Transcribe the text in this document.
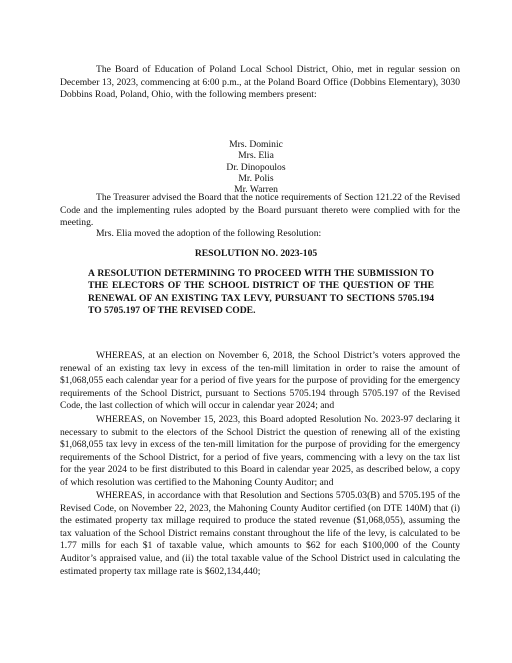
The Board of Education of Poland Local School District, Ohio, met in regular session on December 13, 2023, commencing at 6:00 p.m., at the Poland Board Office (Dobbins Elementary), 3030 Dobbins Road, Poland, Ohio, with the following members present:

Mrs. Dominic
Mrs. Elia
Dr. Dinopoulos
Mr. Polis
Mr. Warren

The Treasurer advised the Board that the notice requirements of Section 121.22 of the Revised Code and the implementing rules adopted by the Board pursuant thereto were complied with for the meeting.

Mrs. Elia moved the adoption of the following Resolution:

RESOLUTION NO. 2023-105
A RESOLUTION DETERMINING TO PROCEED WITH THE SUBMISSION TO THE ELECTORS OF THE SCHOOL DISTRICT OF THE QUESTION OF THE RENEWAL OF AN EXISTING TAX LEVY, PURSUANT TO SECTIONS 5705.194 TO 5705.197 OF THE REVISED CODE.

WHEREAS, at an election on November 6, 2018, the School District’s voters approved the renewal of an existing tax levy in excess of the ten-mill limitation in order to raise the amount of $1,068,055 each calendar year for a period of five years for the purpose of providing for the emergency requirements of the School District, pursuant to Sections 5705.194 through 5705.197 of the Revised Code, the last collection of which will occur in calendar year 2024; and

WHEREAS, on November 15, 2023, this Board adopted Resolution No. 2023-97 declaring it necessary to submit to the electors of the School District the question of renewing all of the existing $1,068,055 tax levy in excess of the ten-mill limitation for the purpose of providing for the emergency requirements of the School District, for a period of five years, commencing with a levy on the tax list for the year 2024 to be first distributed to this Board in calendar year 2025, as described below, a copy of which resolution was certified to the Mahoning County Auditor; and

WHEREAS, in accordance with that Resolution and Sections 5705.03(B) and 5705.195 of the Revised Code, on November 22, 2023, the Mahoning County Auditor certified (on DTE 140M) that (i) the estimated property tax millage required to produce the stated revenue ($1,068,055), assuming the tax valuation of the School District remains constant throughout the life of the levy, is calculated to be 1.77 mills for each $1 of taxable value, which amounts to $62 for each $100,000 of the County Auditor’s appraised value, and (ii) the total taxable value of the School District used in calculating the estimated property tax millage rate is $602,134,440;
